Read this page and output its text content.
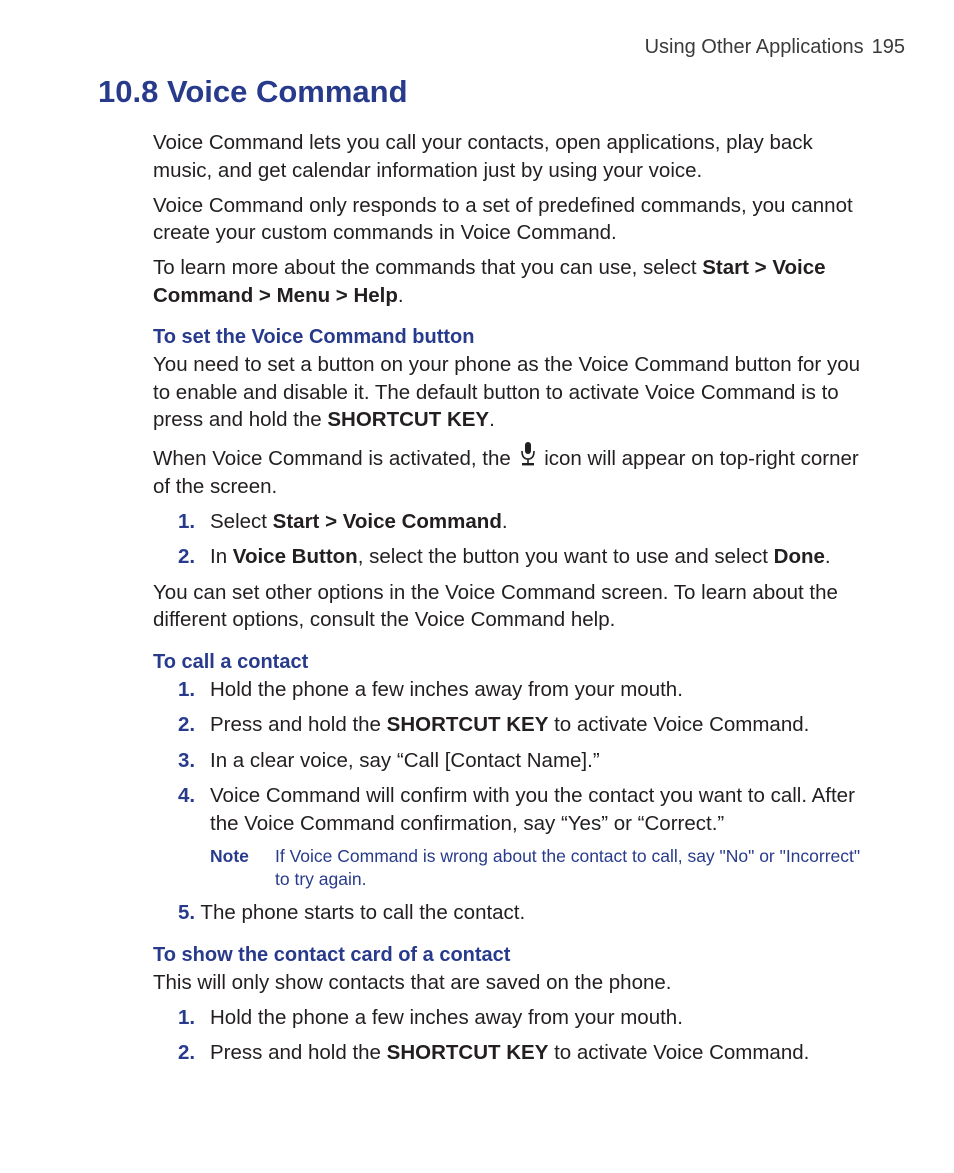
Using Other Applications 195
10.8 Voice Command

Voice Command lets you call your contacts, open applications, play back music, and get calendar information just by using your voice.

Voice Command only responds to a set of predefined commands, you cannot create your custom commands in Voice Command.

To learn more about the commands that you can use, select Start > Voice Command > Menu > Help.

To set the Voice Command button

You need to set a button on your phone as the Voice Command button for you to enable and disable it. The default button to activate Voice Command is to press and hold the SHORTCUT KEY.

When Voice Command is activated, the  icon will appear on top-right corner of the screen.

1. Select Start > Voice Command.
2. In Voice Button, select the button you want to use and select Done.

You can set other options in the Voice Command screen. To learn about the different options, consult the Voice Command help.

To call a contact
1. Hold the phone a few inches away from your mouth.
2. Press and hold the SHORTCUT KEY to activate Voice Command.
3. In a clear voice, say “Call [Contact Name].”
4. Voice Command will confirm with you the contact you want to call. After the Voice Command confirmation, say “Yes” or “Correct.”
Note	If Voice Command is wrong about the contact to call, say "No" or "Incorrect" to try again.
5. The phone starts to call the contact.
To show the contact card of a contact

This will only show contacts that are saved on the phone.

1. Hold the phone a few inches away from your mouth.
2. Press and hold the SHORTCUT KEY to activate Voice Command.
